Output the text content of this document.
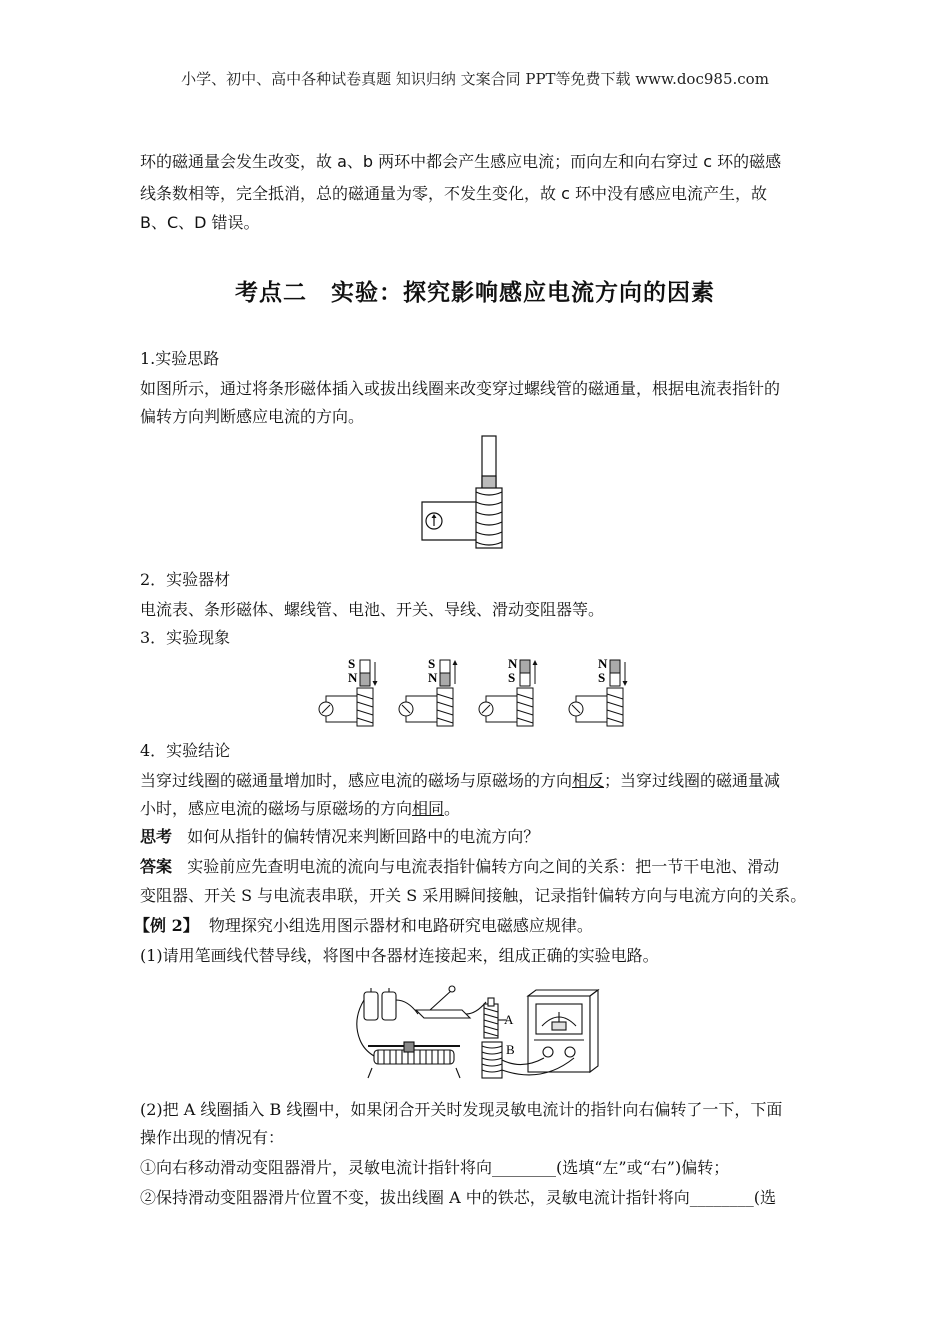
小学、初中、高中各种试卷真题 知识归纳 文案合同 PPT等免费下载 www.doc985.com
环的磁通量会发生改变，故 a、b 两环中都会产生感应电流；而向左和向右穿过 c 环的磁感
线条数相等，完全抵消，总的磁通量为零，不发生变化，故 c 环中没有感应电流产生，故
B、C、D 错误。
考点二　实验：探究影响感应电流方向的因素
1.实验思路
如图所示，通过将条形磁体插入或拔出线圈来改变穿过螺线管的磁通量，根据电流表指针的
偏转方向判断感应电流的方向。
2．实验器材
电流表、条形磁体、螺线管、电池、开关、导线、滑动变阻器等。
3．实验现象
S
N
S
N
N
S
N
S
4．实验结论
当穿过线圈的磁通量增加时，感应电流的磁场与原磁场的方向相反；当穿过线圈的磁通量减
小时，感应电流的磁场与原磁场的方向相同。
思考 如何从指针的偏转情况来判断回路中的电流方向？
答案 实验前应先查明电流的流向与电流表指针偏转方向之间的关系：把一节干电池、滑动
变阻器、开关 S 与电流表串联，开关 S 采用瞬间接触，记录指针偏转方向与电流方向的关系。
【例 2】 物理探究小组选用图示器材和电路研究电磁感应规律。
(1)请用笔画线代替导线，将图中各器材连接起来，组成正确的实验电路。
A
B
(2)把 A 线圈插入 B 线圈中，如果闭合开关时发现灵敏电流计的指针向右偏转了一下，下面
操作出现的情况有：
①向右移动滑动变阻器滑片，灵敏电流计指针将向________(选填“左”或“右”)偏转；
②保持滑动变阻器滑片位置不变，拔出线圈 A 中的铁芯，灵敏电流计指针将向________(选
